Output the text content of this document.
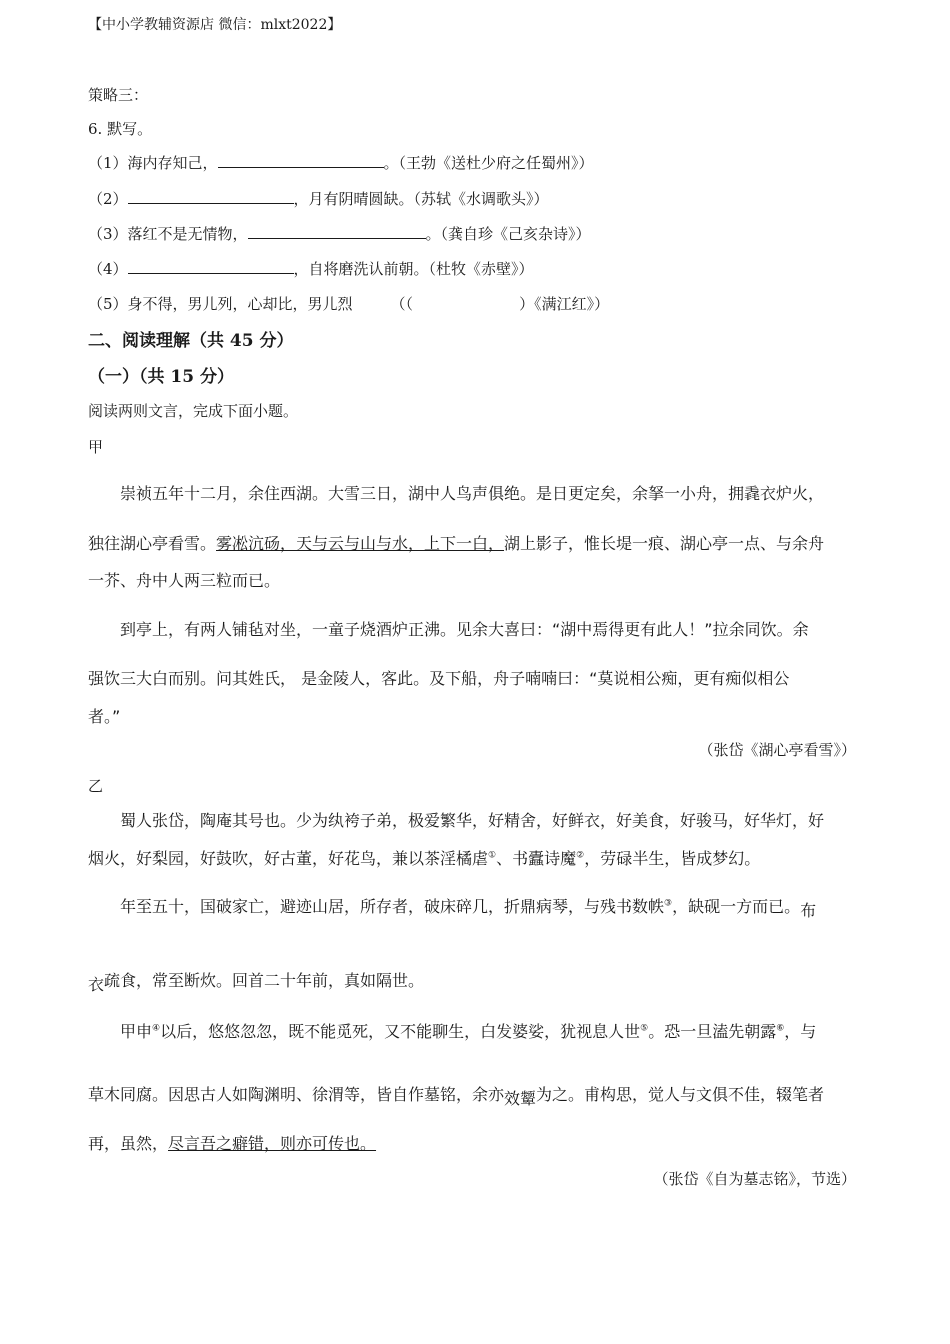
【中小学教辅资源店 微信：mlxt2022】
策略三：
6. 默写。
（1）海内存知己，	。（王勃《送杜少府之任蜀州》）
（2）	，月有阴晴圆缺。（苏轼《水调歌头》）
（3）落红不是无情物，	。（龚自珍《己亥杂诗》）
（4）	，自将磨洗认前朝。（杜牧《赤壁》）
（5）身不得，男儿列，心却比，男儿烈	（（	）《满江红》）
二、阅读理解（共 45 分）
（一）（共 15 分）
阅读两则文言，完成下面小题。
甲
崇祯五年十二月，余住西湖。大雪三日，湖中人鸟声俱绝。是日更定矣，余拏一小舟，拥毳衣炉火，
独往湖心亭看雪。雾凇沆砀，天与云与山与水，上下一白，湖上影子，惟长堤一痕、湖心亭一点、与余舟
一芥、舟中人两三粒而已。
到亭上，有两人铺毡对坐，一童子烧酒炉正沸。见余大喜曰：“湖中焉得更有此人！”拉余同饮。余
强饮三大白而别。问其姓氏， 是金陵人，客此。及下船，舟子喃喃曰：“莫说相公痴，更有痴似相公
者。”
（张岱《湖心亭看雪》）
乙
蜀人张岱，陶庵其号也。少为纨袴子弟，极爱繁华，好精舍，好鲜衣，好美食，好骏马，好华灯，好
烟火，好梨园，好鼓吹，好古董，好花鸟，兼以茶淫橘虐①、书蠹诗魔②，劳碌半生，皆成梦幻。
年至五十，国破家亡，避迹山居，所存者，破床碎几，折鼎病琴，与残书数帙③，缺砚一方而已。布
衣疏食，常至断炊。回首二十年前，真如隔世。
甲申④以后，悠悠忽忽，既不能觅死，又不能聊生，白发婆娑，犹视息人世⑤。恐一旦溘先朝露⑥，与
草木同腐。因思古人如陶渊明、徐渭等，皆自作墓铭，余亦效颦为之。甫构思，觉人与文俱不佳，辍笔者
再，虽然，尽言吾之癖错，则亦可传也。
（张岱《自为墓志铭》，节选）
